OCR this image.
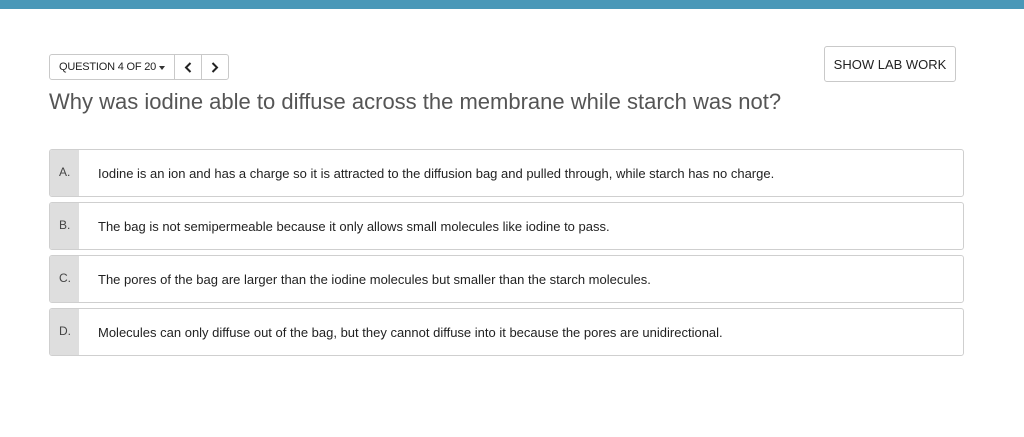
QUESTION 4 OF 20	SHOW LAB WORK
Why was iodine able to diffuse across the membrane while starch was not?
A.	Iodine is an ion and has a charge so it is attracted to the diffusion bag and pulled through, while starch has no charge.
B.	The bag is not semipermeable because it only allows small molecules like iodine to pass.
C.	The pores of the bag are larger than the iodine molecules but smaller than the starch molecules.
D.	Molecules can only diffuse out of the bag, but they cannot diffuse into it because the pores are unidirectional.
